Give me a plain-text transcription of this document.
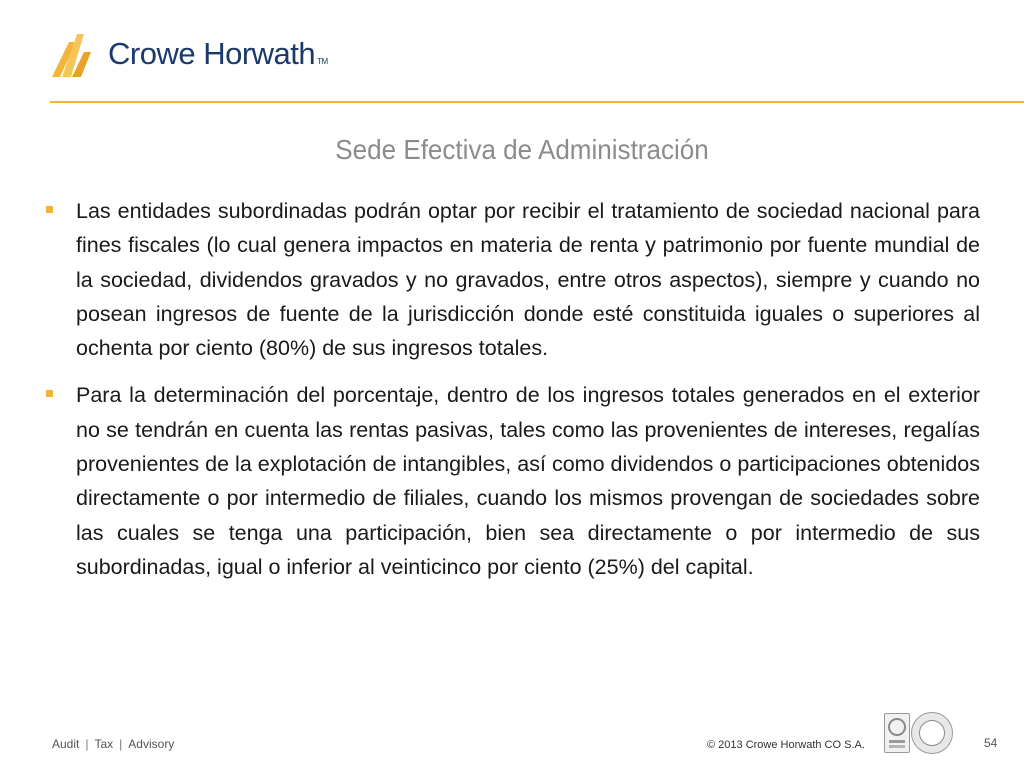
Crowe Horwath TM
Sede Efectiva de Administración
Las entidades subordinadas podrán optar por recibir el tratamiento de sociedad nacional para fines fiscales (lo cual genera impactos en materia de renta y patrimonio por fuente mundial de la sociedad, dividendos gravados y no gravados, entre otros aspectos), siempre y cuando no posean ingresos de fuente de la jurisdicción donde esté constituida iguales o superiores al ochenta por ciento (80%) de sus ingresos totales.
Para la determinación del porcentaje, dentro de los ingresos totales generados en el exterior no se tendrán en cuenta las rentas pasivas, tales como las provenientes de intereses, regalías provenientes de la explotación de intangibles, así como dividendos o participaciones obtenidos directamente o por intermedio de filiales, cuando los mismos provengan de sociedades sobre las cuales se tenga una participación, bien sea directamente o por intermedio de sus subordinadas, igual o inferior al veinticinco por ciento (25%) del capital.
Audit | Tax | Advisory	© 2013 Crowe Horwath CO S.A.	54
